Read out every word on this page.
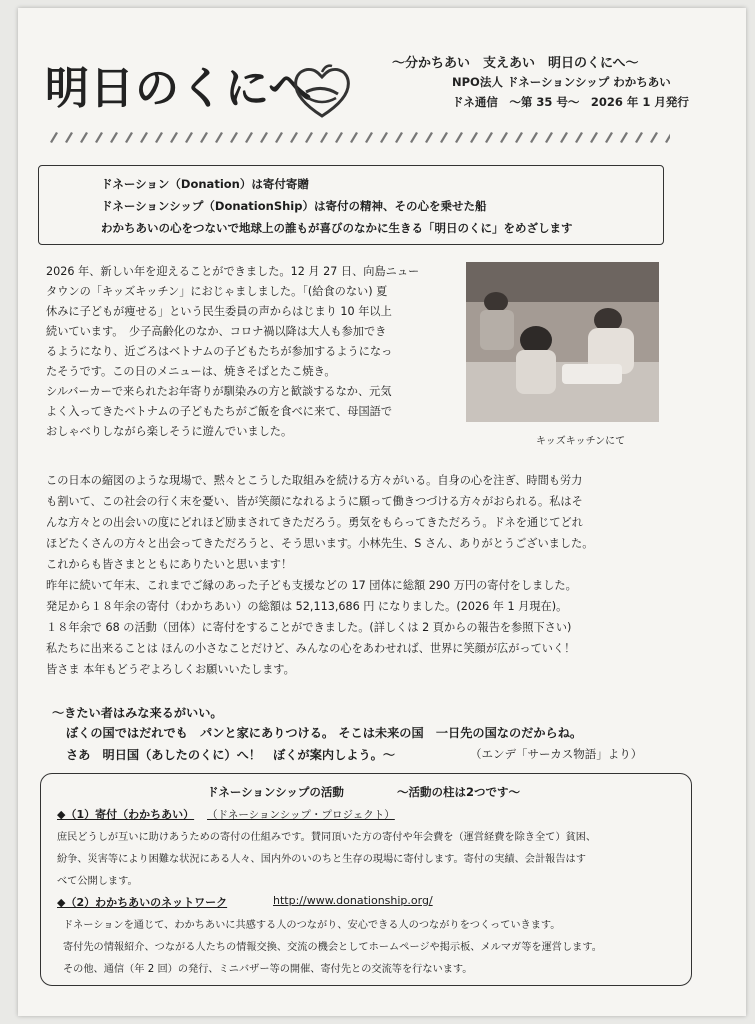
明日のくにへ	～分かちあい　支えあい　明日のくにへ～
NPO法人 ドネーションシップ わかちあい
ドネ通信　～第 35 号～　2026 年 1 月発行
ドネーション（Donation）は寄付寄贈
ドネーションシップ（DonationShip）は寄付の精神、その心を乗せた船
わかちあいの心をつないで地球上の誰もが喜びのなかに生きる「明日のくに」をめざします
2026 年、新しい年を迎えることができました。12 月 27 日、向島ニュー
タウンの「キッズキッチン」におじゃましました。「(給食のない) 夏
休みに子どもが痩せる」という民生委員の声からはじまり 10 年以上
続いています。　少子高齢化のなか、コロナ禍以降は大人も参加でき
るようになり、近ごろはベトナムの子どもたちが参加するようになっ
たそうです。この日のメニューは、焼きそばとたこ焼き。
シルバーカーで来られたお年寄りが馴染みの方と歓談するなか、元気
よく入ってきたベトナムの子どもたちがご飯を食べに来て、母国語で
おしゃべりしながら楽しそうに遊んでいました。
キッズキッチンにて
この日本の縮図のような現場で、黙々とこうした取組みを続ける方々がいる。自身の心を注ぎ、時間も労力
も割いて、この社会の行く末を憂い、皆が笑顔になれるように願って働きつづける方々がおられる。私はそ
んな方々との出会いの度にどれほど励まされてきただろう。勇気をもらってきただろう。ドネを通じてどれ
ほどたくさんの方々と出会ってきただろうと、そう思います。小林先生、S さん、ありがとうございました。
これからも皆さまとともにありたいと思います！
昨年に続いて年末、これまでご縁のあった子ども支援などの 17 団体に総額 290 万円の寄付をしました。
発足から１８年余の寄付（わかちあい）の総額は 52,113,686 円 になりました。(2026 年 1 月現在)。
１８年余で 68 の活動（団体）に寄付をすることができました。(詳しくは 2 頁からの報告を参照下さい)
私たちに出来ることは ほんの小さなことだけど、みんなの心をあわせれば、世界に笑顔が広がっていく！
皆さま 本年もどうぞよろしくお願いいたします。
～きたい者はみな来るがいい。
ぼくの国ではだれでも　パンと家にありつける。 そこは未来の国　一日先の国なのだからね。
さあ　明日国（あしたのくに）へ！　ぼくが案内しよう。～	（エンデ「サーカス物語」より）
ドネーションシップの活動	～活動の柱は2つです～
◆（1）寄付（わかちあい） （ドネーションシップ・プロジェクト）
庶民どうしが互いに助けあうための寄付の仕組みです。賛同頂いた方の寄付や年会費を（運営経費を除き全て）貧困、
紛争、災害等により困難な状況にある人々、国内外のいのちと生存の現場に寄付します。寄付の実績、会計報告はす
べて公開します。
◆（2）わかちあいのネットワーク	http://www.donationship.org/
ドネーションを通じて、わかちあいに共感する人のつながり、安心できる人のつながりをつくっていきます。
寄付先の情報紹介、つながる人たちの情報交換、交流の機会としてホームページや掲示板、メルマガ等を運営します。
その他、通信（年 2 回）の発行、ミニバザー等の開催、寄付先との交流等を行ないます。
